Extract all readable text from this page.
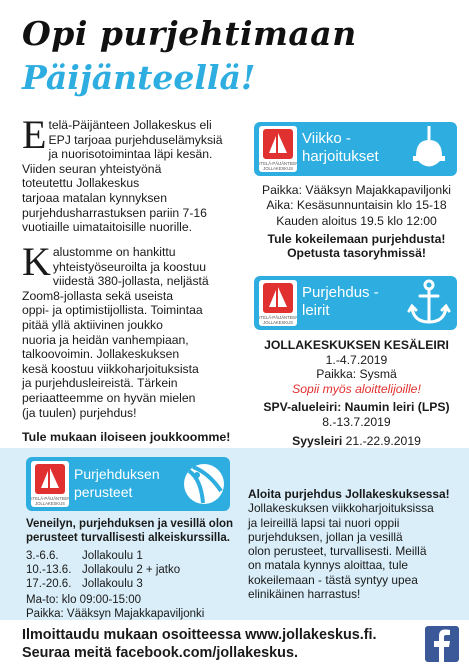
Opi purjehtimaan
Päijänteellä!
E telä-Päijänteen Jollakeskus eli
EPJ tarjoaa purjehduselämyksiä
ja nuorisotoimintaa läpi kesän.
Viiden seuran yhteistyönä
toteutettu Jollakeskus
tarjoaa matalan kynnyksen
purjehdusharrastuksen pariin 7-16
vuotiaille uimataitoisille nuorille.

K alustomme on hankittu
yhteistyöseuroilta ja koostuu
viidestä 380-jollasta, neljästä
Zoom8-jollasta sekä useista
oppi- ja optimistijollista. Toimintaa
pitää yllä aktiivinen joukko
nuoria ja heidän vanhempiaan,
talkoovoimin. Jollakeskuksen
kesä koostuu viikkoharjoituksista
ja purjehdusleireistä. Tärkein
periaatteemme on hyvän mielen
(ja tuulen) purjehdus!

Tule mukaan iloiseen joukkoomme!
ETELÄ-PÄIJÄNTEEN
JOLLAKESKUS
Viikko -
harjoitukset
Paikka: Vääksyn Majakkapaviljonki
Aika: Kesäsunnuntaisin klo 15-18
Kauden aloitus 19.5 klo 12:00
Tule kokeilemaan purjehdusta!
Opetusta tasoryhmissä!
ETELÄ-PÄIJÄNTEEN
JOLLAKESKUS
Purjehdus -
leirit
JOLLAKESKUKSEN KESÄLEIRI
1.-4.7.2019
Paikka: Sysmä
Sopii myös aloittelijoille!
SPV-alueleiri: Naumin leiri (LPS)
8.-13.7.2019
Syysleiri 21.-22.9.2019
ETELÄ-PÄIJÄNTEEN
JOLLAKESKUS
Purjehduksen
perusteet
Veneilyn, purjehduksen ja vesillä olon
perusteet turvallisesti alkeiskurssilla.
3.-6.6.	Jollakoulu 1
10.-13.6. Jollakoulu 2 + jatko
17.-20.6. Jollakoulu 3
Ma-to: klo 09:00-15:00
Paikka: Vääksyn Majakkapaviljonki
Aloita purjehdus Jollakeskuksessa!
Jollakeskuksen viikkoharjoituksissa
ja leireillä lapsi tai nuori oppii
purjehduksen, jollan ja vesillä
olon perusteet, turvallisesti. Meillä
on matala kynnys aloittaa, tule
kokeilemaan - tästä syntyy upea
elinikäinen harrastus!
Ilmoittaudu mukaan osoitteessa www.jollakeskus.fi.
Seuraa meitä facebook.com/jollakeskus.
